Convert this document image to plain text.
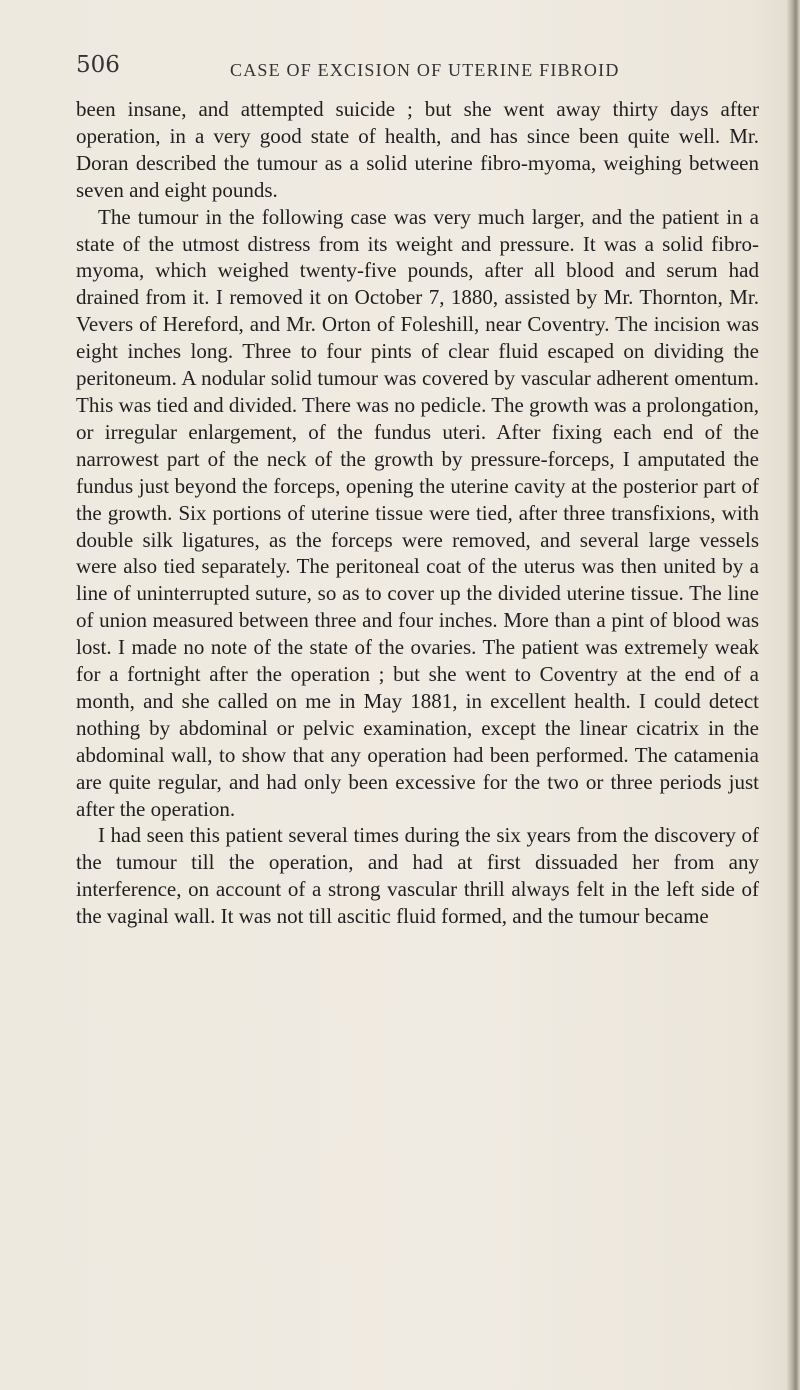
506	CASE OF EXCISION OF UTERINE FIBROID

been insane, and attempted suicide ; but she went away thirty days after operation, in a very good state of health, and has since been quite well. Mr. Doran described the tumour as a solid uterine fibro-myoma, weighing between seven and eight pounds.

The tumour in the following case was very much larger, and the patient in a state of the utmost distress from its weight and pressure. It was a solid fibro-myoma, which weighed twenty-five pounds, after all blood and serum had drained from it. I removed it on October 7, 1880, assisted by Mr. Thornton, Mr. Vevers of Hereford, and Mr. Orton of Foleshill, near Coventry. The incision was eight inches long. Three to four pints of clear fluid escaped on dividing the peritoneum. A nodular solid tumour was covered by vascular adherent omentum. This was tied and divided. There was no pedicle. The growth was a prolongation, or irregular enlargement, of the fundus uteri. After fixing each end of the narrowest part of the neck of the growth by pressure-forceps, I amputated the fundus just beyond the forceps, opening the uterine cavity at the posterior part of the growth. Six portions of uterine tissue were tied, after three transfixions, with double silk ligatures, as the forceps were removed, and several large vessels were also tied separately. The peritoneal coat of the uterus was then united by a line of uninterrupted suture, so as to cover up the divided uterine tissue. The line of union measured between three and four inches. More than a pint of blood was lost. I made no note of the state of the ovaries. The patient was extremely weak for a fortnight after the operation ; but she went to Coventry at the end of a month, and she called on me in May 1881, in excellent health. I could detect nothing by abdominal or pelvic examination, except the linear cicatrix in the abdominal wall, to show that any operation had been performed. The catamenia are quite regular, and had only been excessive for the two or three periods just after the operation.

I had seen this patient several times during the six years from the discovery of the tumour till the operation, and had at first dissuaded her from any interference, on account of a strong vascular thrill always felt in the left side of the vaginal wall. It was not till ascitic fluid formed, and the tumour became
